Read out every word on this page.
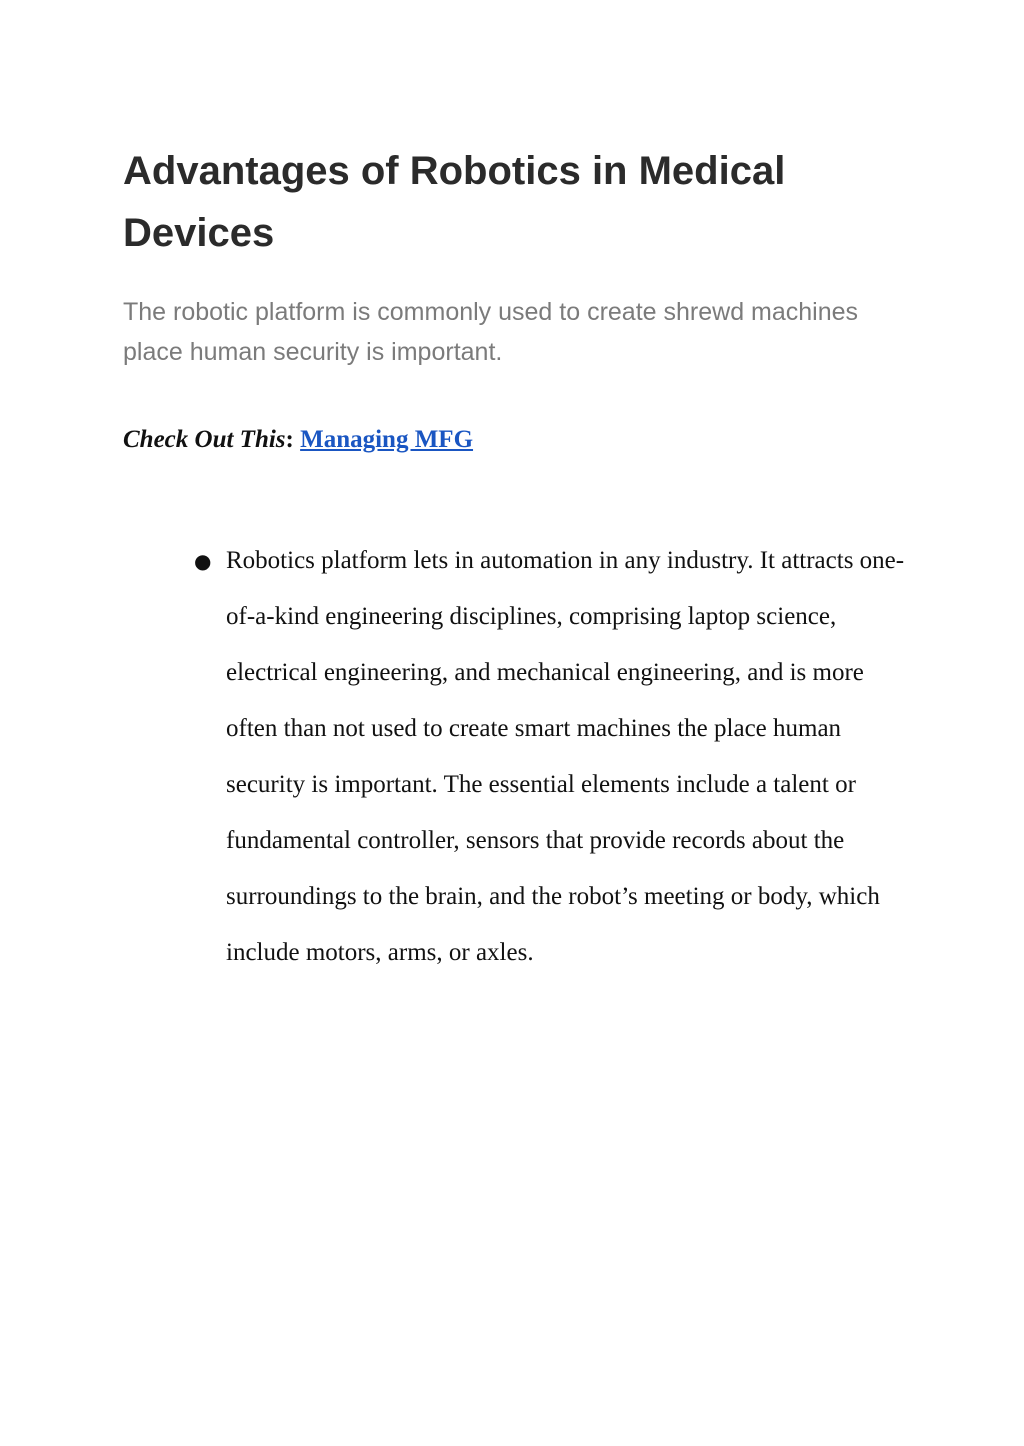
Advantages of Robotics in Medical Devices

The robotic platform is commonly used to create shrewd machines place human security is important.

Check Out This: Managing MFG

● Robotics platform lets in automation in any industry. It attracts one-of-a-kind engineering disciplines, comprising laptop science, electrical engineering, and mechanical engineering, and is more often than not used to create smart machines the place human security is important. The essential elements include a talent or fundamental controller, sensors that provide records about the surroundings to the brain, and the robot’s meeting or body, which include motors, arms, or axles.
